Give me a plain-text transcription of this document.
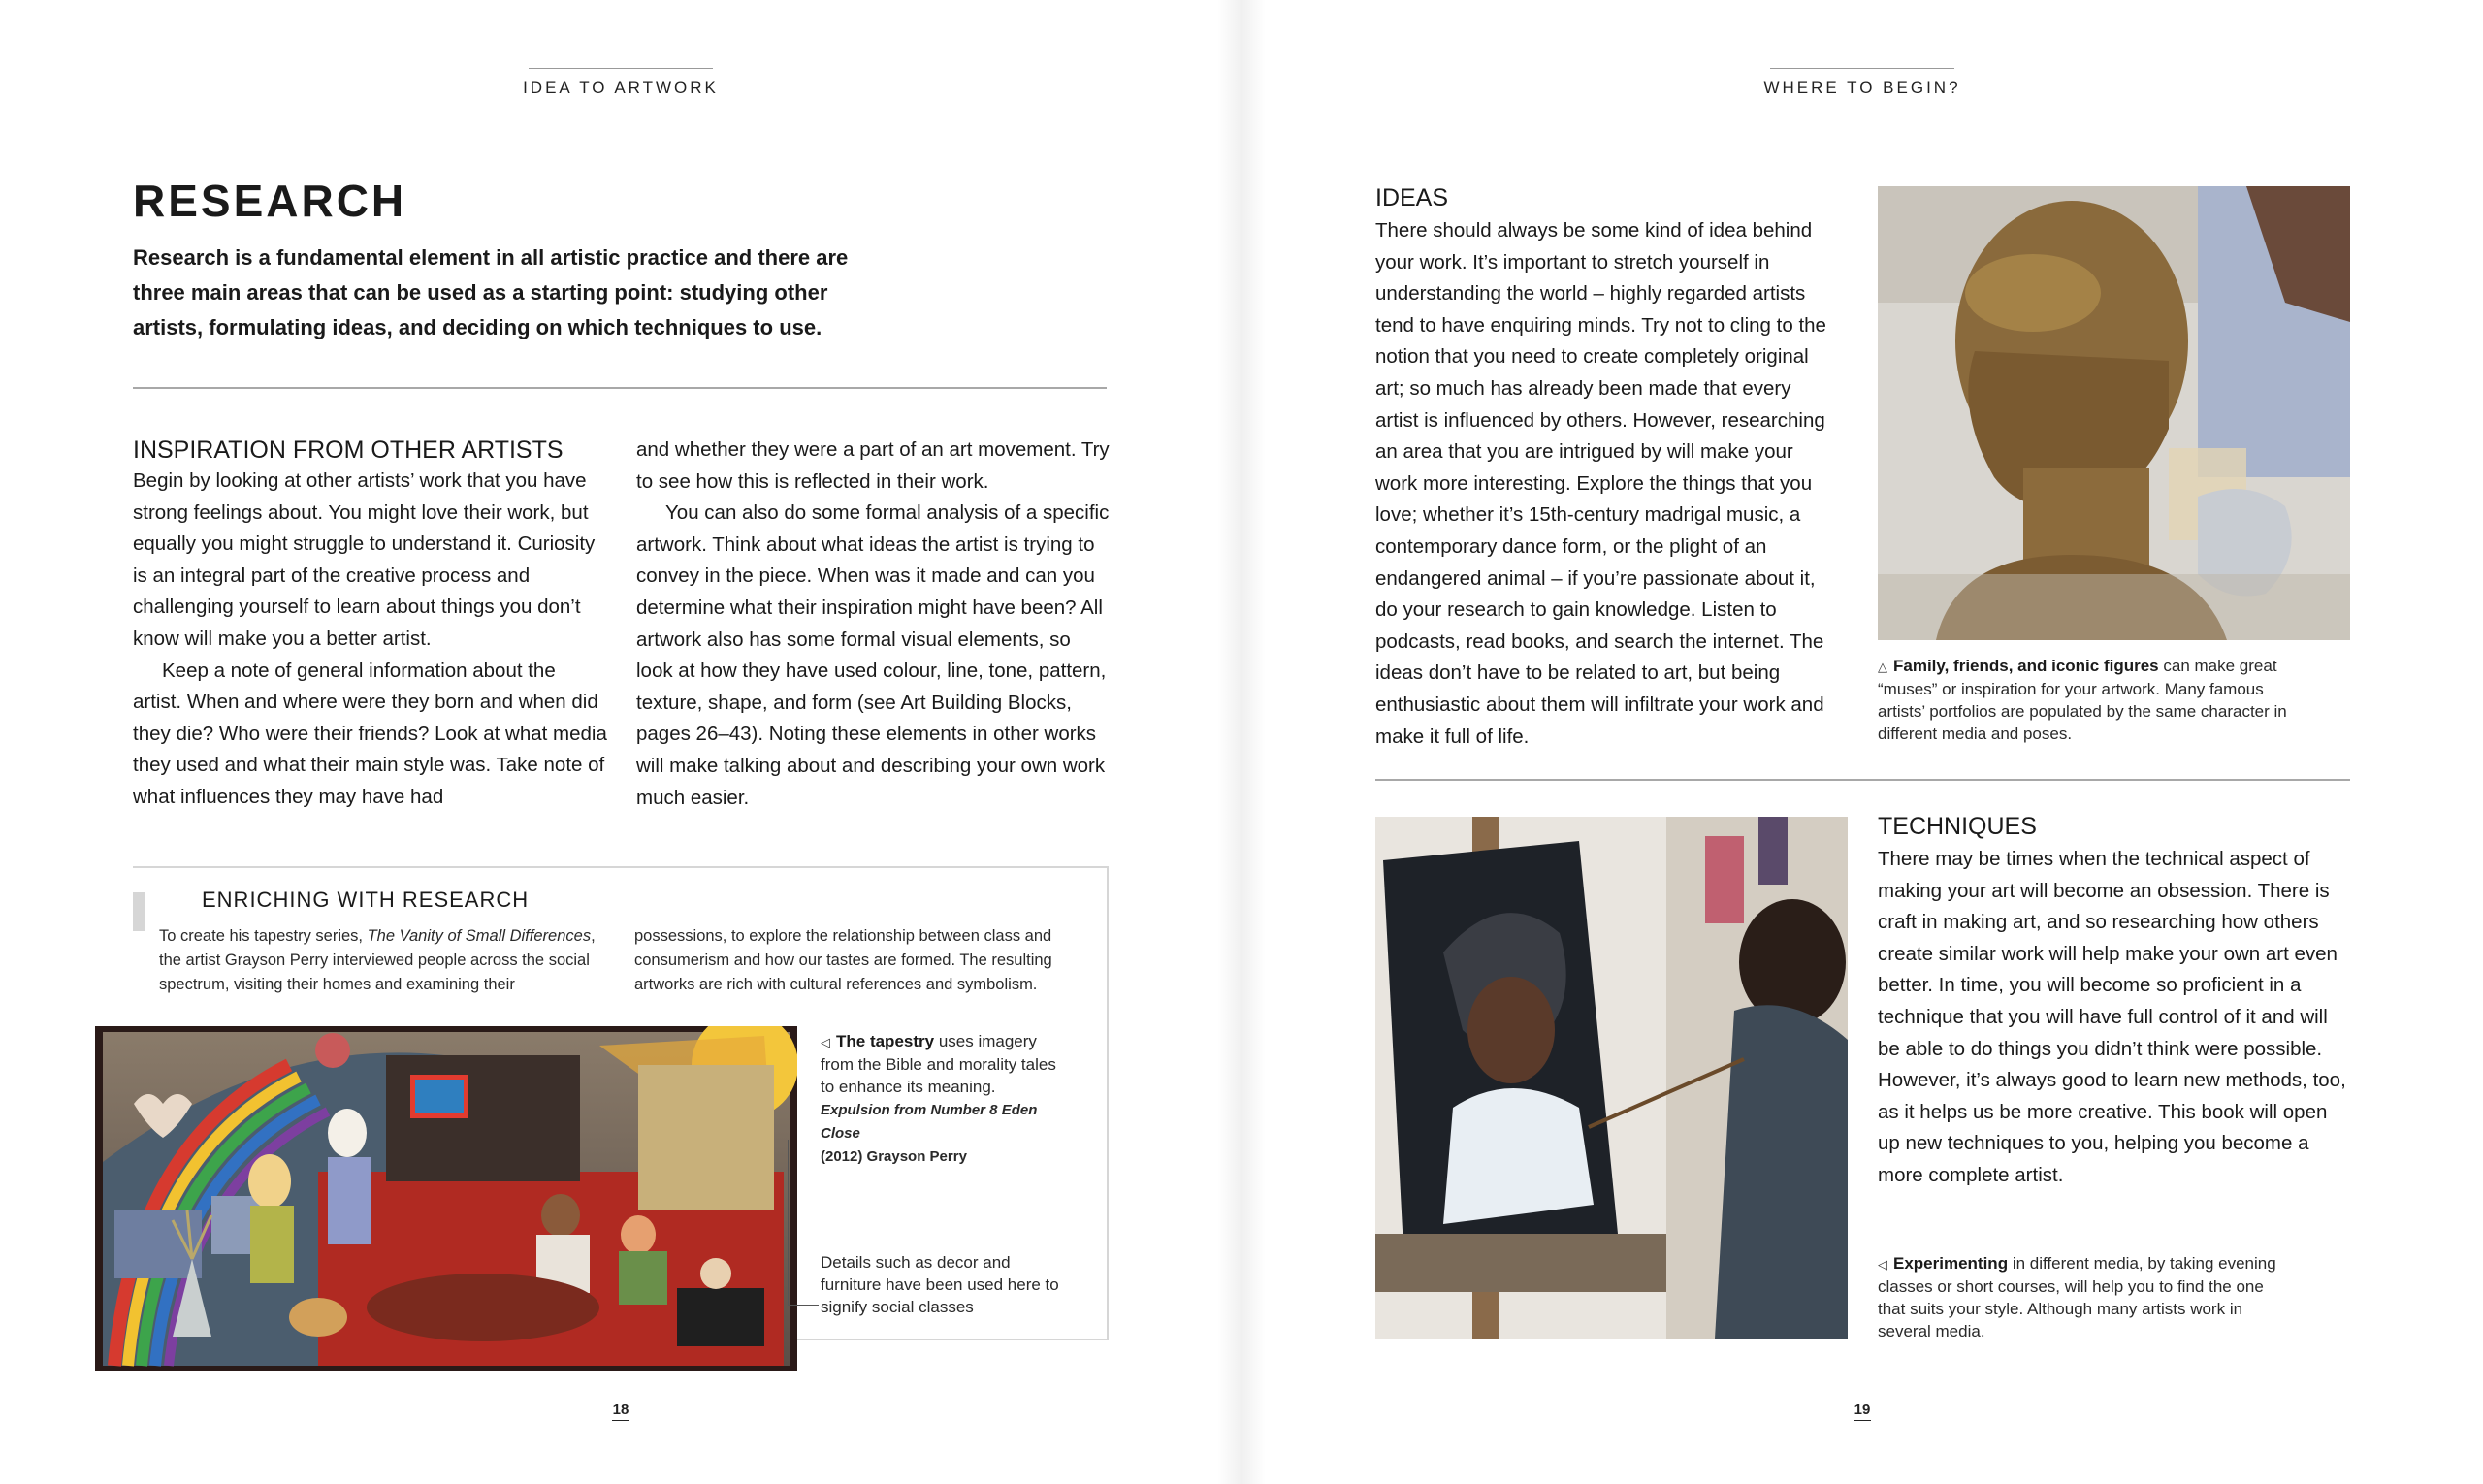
IDEA TO ARTWORK
RESEARCH
Research is a fundamental element in all artistic practice and there are three main areas that can be used as a starting point: studying other artists, formulating ideas, and deciding on which techniques to use.
INSPIRATION FROM OTHER ARTISTS

Begin by looking at other artists’ work that you have strong feelings about. You might love their work, but equally you might struggle to understand it. Curiosity is an integral part of the creative process and challenging yourself to learn about things you don’t know will make you a better artist.

Keep a note of general information about the artist. When and where were they born and when did they die? Who were their friends? Look at what media they used and what their main style was. Take note of what influences they may have had

and whether they were a part of an art movement. Try to see how this is reflected in their work.

You can also do some formal analysis of a specific artwork. Think about what ideas the artist is trying to convey in the piece. When was it made and can you determine what their inspiration might have been? All artwork also has some formal visual elements, so look at how they have used colour, line, tone, pattern, texture, shape, and form (see Art Building Blocks, pages 26–43). Noting these elements in other works will make talking about and describing your own work much easier.

ENRICHING WITH RESEARCH
To create his tapestry series, The Vanity of Small Differences, the artist Grayson Perry interviewed people across the social spectrum, visiting their homes and examining their
possessions, to explore the relationship between class and consumerism and how our tastes are formed. The resulting artworks are rich with cultural references and symbolism.
◁ The tapestry uses imagery from the Bible and morality tales to enhance its meaning.
Expulsion from Number 8 Eden Close
(2012) Grayson Perry
Details such as decor and furniture have been used here to signify social classes
18
WHERE TO BEGIN?
IDEAS
There should always be some kind of idea behind your work. It’s important to stretch yourself in understanding the world – highly regarded artists tend to have enquiring minds. Try not to cling to the notion that you need to create completely original art; so much has already been made that every artist is influenced by others. However, researching an area that you are intrigued by will make your work more interesting. Explore the things that you love; whether it’s 15th-century madrigal music, a contemporary dance form, or the plight of an endangered animal – if you’re passionate about it, do your research to gain knowledge. Listen to podcasts, read books, and search the internet. The ideas don’t have to be related to art, but being enthusiastic about them will infiltrate your work and make it full of life.
△ Family, friends, and iconic figures can make great “muses” or inspiration for your artwork. Many famous artists’ portfolios are populated by the same character in different media and poses.
TECHNIQUES
There may be times when the technical aspect of making your art will become an obsession. There is craft in making art, and so researching how others create similar work will help make your own art even better. In time, you will become so proficient in a technique that you will have full control of it and will be able to do things you didn’t think were possible. However, it’s always good to learn new methods, too, as it helps us be more creative. This book will open up new techniques to you, helping you become a more complete artist.
◁ Experimenting in different media, by taking evening classes or short courses, will help you to find the one that suits your style. Although many artists work in several media.
19
